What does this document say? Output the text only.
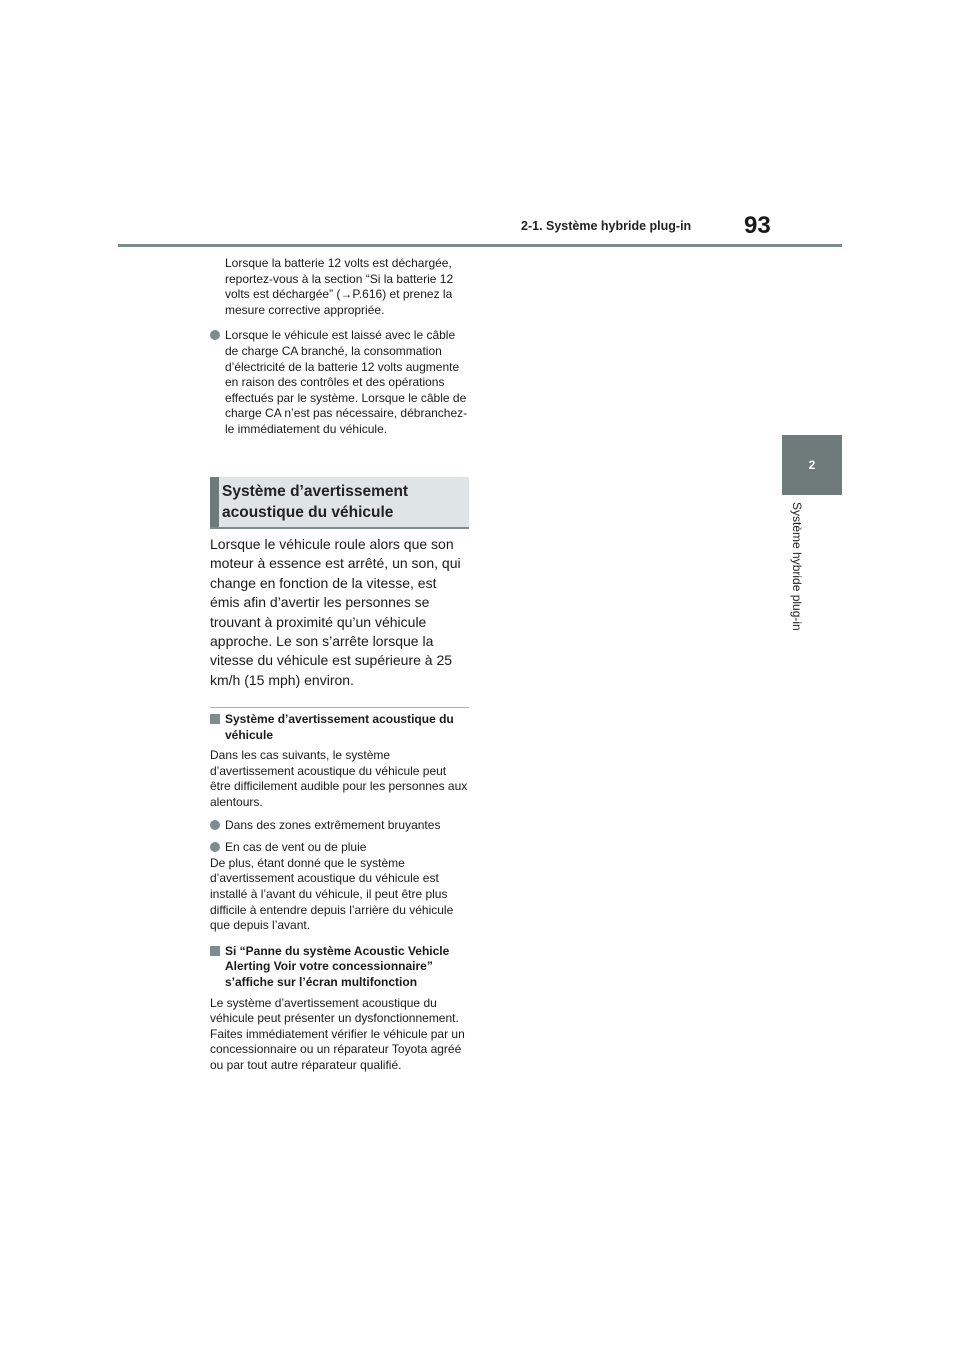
2-1. Système hybride plug-in 93
2
Système hybride plug-in

Lorsque la batterie 12 volts est déchargée, reportez-vous à la section “Si la batterie 12 volts est déchargée” (→P.616) et prenez la mesure corrective appropriée.

Lorsque le véhicule est laissé avec le câble de charge CA branché, la consommation d’électricité de la batterie 12 volts augmente en raison des contrôles et des opérations effectués par le système. Lorsque le câble de charge CA n’est pas nécessaire, débranchez-le immédiatement du véhicule.
Système d’avertissement acoustique du véhicule

Lorsque le véhicule roule alors que son moteur à essence est arrêté, un son, qui change en fonction de la vitesse, est émis afin d’avertir les personnes se trouvant à proximité qu’un véhicule approche. Le son s’arrête lorsque la vitesse du véhicule est supérieure à 25 km/h (15 mph) environ.

Système d’avertissement acoustique du véhicule

Dans les cas suivants, le système d’avertissement acoustique du véhicule peut être difficilement audible pour les personnes aux alentours.

Dans des zones extrêmement bruyantes
En cas de vent ou de pluie

De plus, étant donné que le système d’avertissement acoustique du véhicule est installé à l’avant du véhicule, il peut être plus difficile à entendre depuis l’arrière du véhicule que depuis l’avant.

Si “Panne du système Acoustic Vehicle Alerting Voir votre concessionnaire” s’affiche sur l’écran multifonction

Le système d’avertissement acoustique du véhicule peut présenter un dysfonctionnement. Faites immédiatement vérifier le véhicule par un concessionnaire ou un réparateur Toyota agréé ou par tout autre réparateur qualifié.
